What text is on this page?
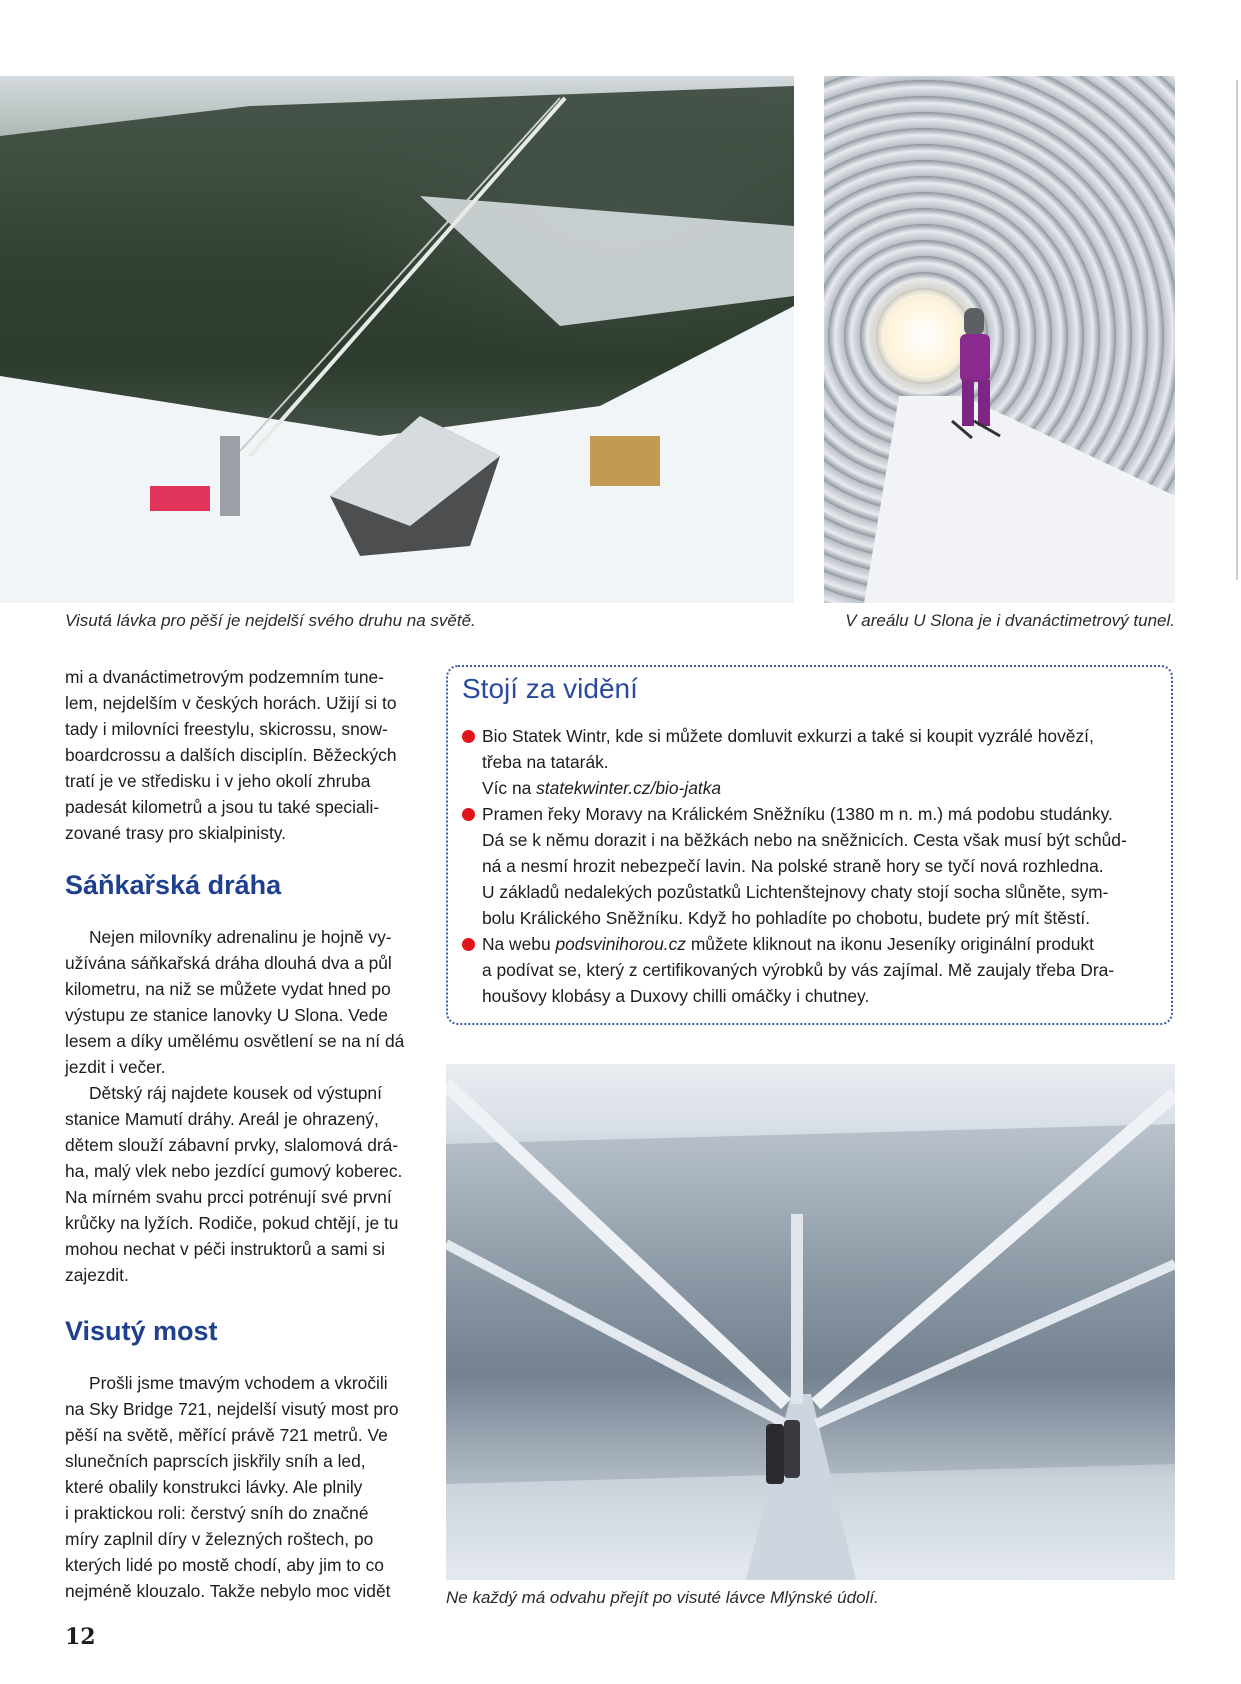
Visutá lávka pro pěší je nejdelší svého druhu na světě.	V areálu U Slona je i dvanáctimetrový tunel.
Ne každý má odvahu přejít po visuté lávce Mlýnské údolí.

mi a dvanáctimetrovým podzemním tune-

lem, nejdelším v českých horách. Užijí si to

tady i milovníci freestylu, skicrossu, snow-

boardcrossu a dalších disciplín. Běžeckých

tratí je ve středisku i v jeho okolí zhruba

padesát kilometrů a jsou tu také speciali-

zované trasy pro skialpinisty.

Sáňkařská dráha

Nejen milovníky adrenalinu je hojně vy-

užívána sáňkařská dráha dlouhá dva a půl

kilometru, na niž se můžete vydat hned po

výstupu ze stanice lanovky U Slona. Vede

lesem a díky umělému osvětlení se na ní dá

jezdit i večer.

Dětský ráj najdete kousek od výstupní

stanice Mamutí dráhy. Areál je ohrazený,

dětem slouží zábavní prvky, slalomová drá-

ha, malý vlek nebo jezdící gumový koberec.

Na mírném svahu prcci potrénují své první

krůčky na lyžích. Rodiče, pokud chtějí, je tu

mohou nechat v péči instruktorů a sami si

zajezdit.

Visutý most

Prošli jsme tmavým vchodem a vkročili

na Sky Bridge 721, nejdelší visutý most pro

pěší na světě, měřící právě 721 metrů. Ve

slunečních paprscích jiskřily sníh a led,

které obalily konstrukci lávky. Ale plnily

i praktickou roli: čerstvý sníh do značné

míry zaplnil díry v železných roštech, po

kterých lidé po mostě chodí, aby jim to co

nejméně klouzalo. Takže nebylo moc vidět

Stojí za vidění
Bio Statek Wintr, kde si můžete domluvit exkurzi a také si koupit vyzrálé hovězí,
třeba na tatarák.
Víc na statekwinter.cz/bio-jatka
Pramen řeky Moravy na Králickém Sněžníku (1380 m n. m.) má podobu studánky.
Dá se k němu dorazit i na běžkách nebo na sněžnicích. Cesta však musí být schůd-
ná a nesmí hrozit nebezpečí lavin. Na polské straně hory se tyčí nová rozhledna.
U základů nedalekých pozůstatků Lichtenštejnovy chaty stojí socha slůněte, sym-
bolu Králického Sněžníku. Když ho pohladíte po chobotu, budete prý mít štěstí.
Na webu podsvinihorou.cz můžete kliknout na ikonu Jeseníky originální produkt
a podívat se, který z certifikovaných výrobků by vás zajímal. Mě zaujaly třeba Dra-
houšovy klobásy a Duxovy chilli omáčky i chutney.
12
